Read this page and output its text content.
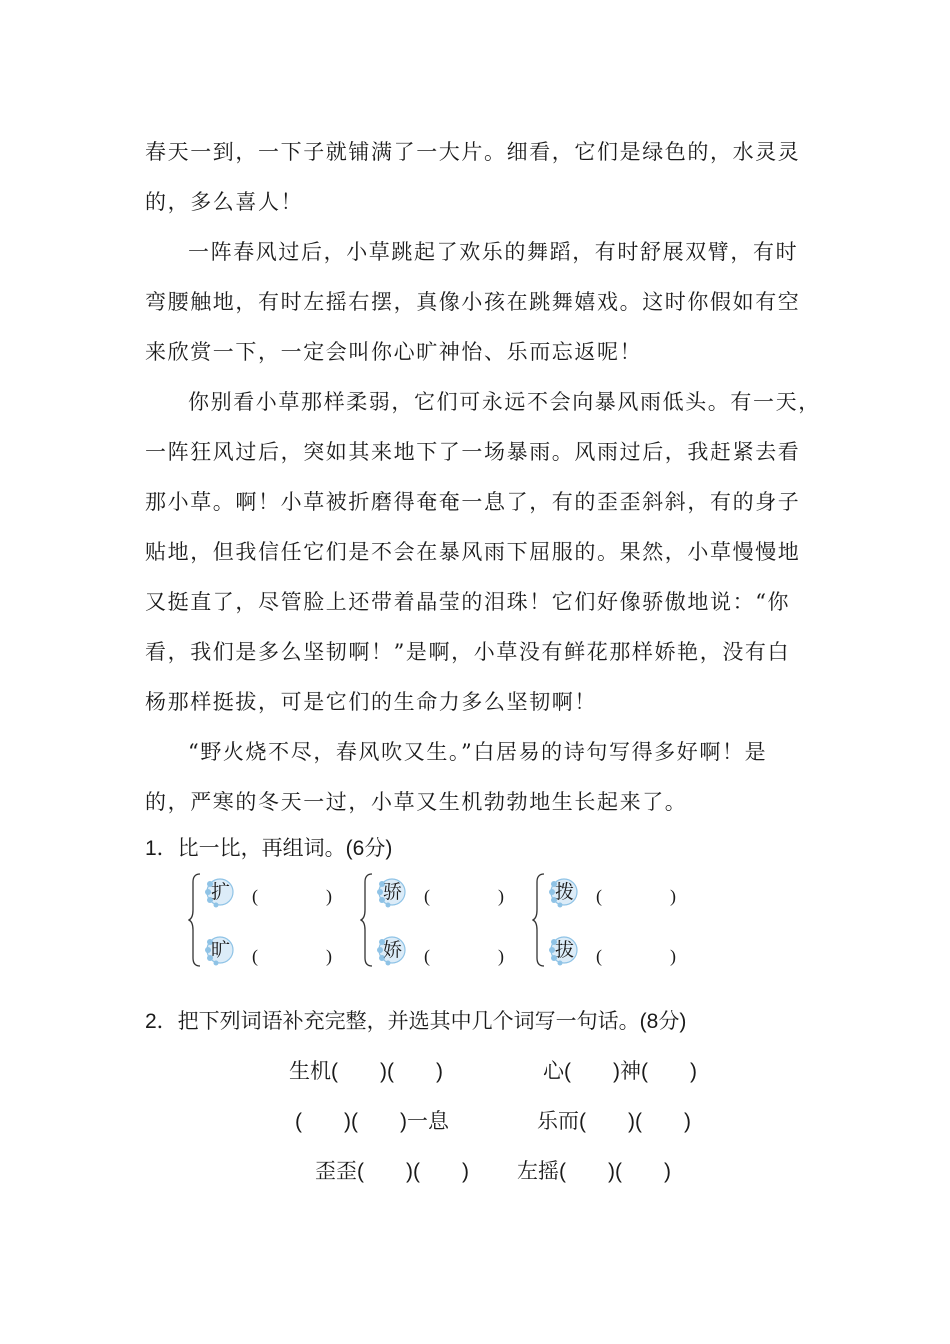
春天一到，一下子就铺满了一大片。细看，它们是绿色的，水灵灵
的，多么喜人！
一阵春风过后，小草跳起了欢乐的舞蹈，有时舒展双臂，有时
弯腰触地，有时左摇右摆，真像小孩在跳舞嬉戏。这时你假如有空
来欣赏一下，一定会叫你心旷神怡、乐而忘返呢！
你别看小草那样柔弱，它们可永远不会向暴风雨低头。有一天，
一阵狂风过后，突如其来地下了一场暴雨。风雨过后，我赶紧去看
那小草。啊！小草被折磨得奄奄一息了，有的歪歪斜斜，有的身子
贴地，但我信任它们是不会在暴风雨下屈服的。果然，小草慢慢地
又挺直了，尽管脸上还带着晶莹的泪珠！它们好像骄傲地说：“你
看，我们是多么坚韧啊！”是啊，小草没有鲜花那样娇艳，没有白
杨那样挺拔，可是它们的生命力多么坚韧啊！
“野火烧不尽，春风吹又生。”白居易的诗句写得多好啊！是
的，严寒的冬天一过，小草又生机勃勃地生长起来了。
1．比一比，再组词。(6分)
扩 (	)
旷 (	)
骄 (	)
娇 (	)
拨 (	)
拔 (	)
2．把下列词语补充完整，并选其中几个词写一句话。(8分)
生机(　　)(　　)	心(　　)神(　　)
(　　)(　　)一息	乐而(　　)(　　)
歪歪(　　)(　　) 左摇(　　)(　　)
